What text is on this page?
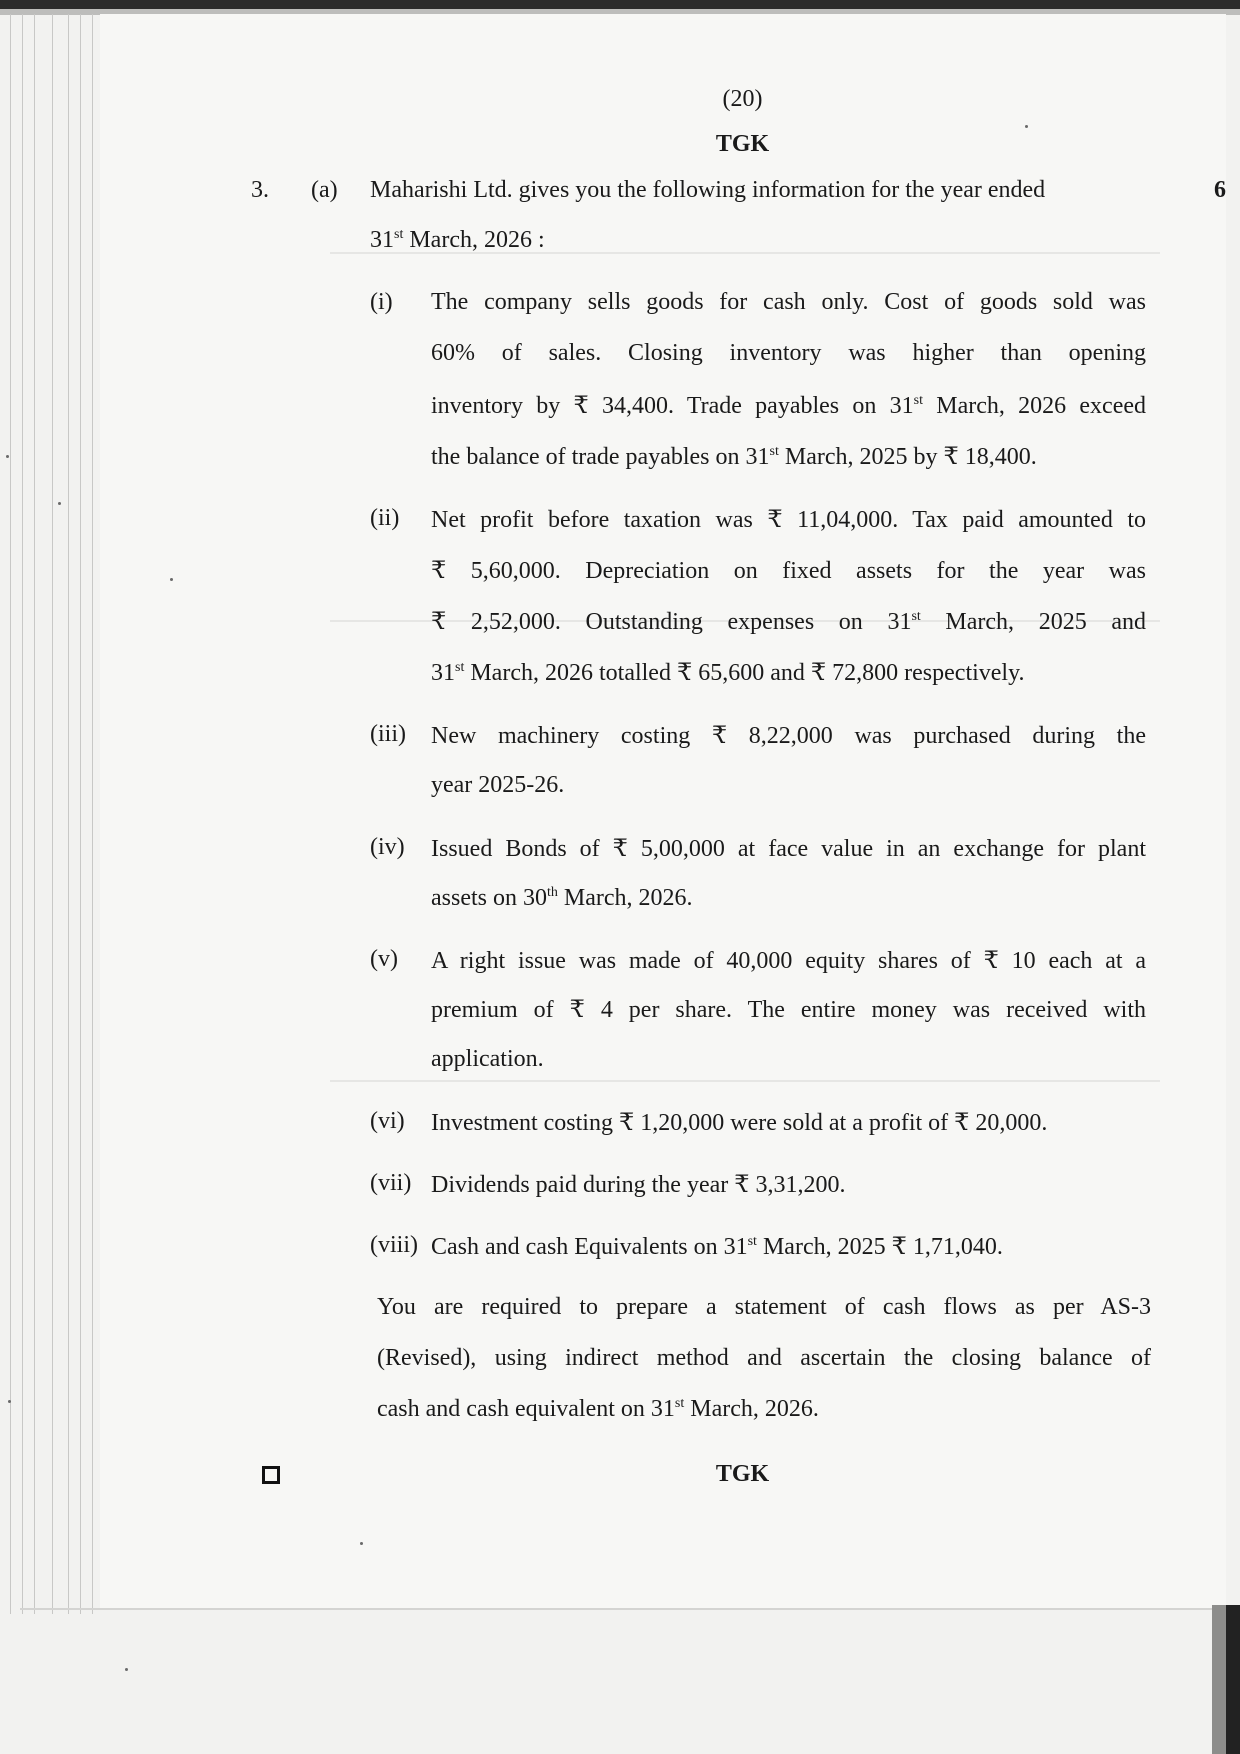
(20)
TGK
3. (a)	6
Maharishi Ltd. gives you the following information for the year ended
31st March, 2026 :
(i) The company sells goods for cash only. Cost of goods sold was
60% of sales. Closing inventory was higher than opening
inventory by ₹ 34,400. Trade payables on 31st March, 2026 exceed
the balance of trade payables on 31st March, 2025 by ₹ 18,400.
(ii) Net profit before taxation was ₹ 11,04,000. Tax paid amounted to
₹ 5,60,000. Depreciation on fixed assets for the year was
₹ 2,52,000. Outstanding expenses on 31st March, 2025 and
31st March, 2026 totalled ₹ 65,600 and ₹ 72,800 respectively.
(iii) New machinery costing ₹ 8,22,000 was purchased during the
year 2025-26.
(iv) Issued Bonds of ₹ 5,00,000 at face value in an exchange for plant
assets on 30th March, 2026.
(v) A right issue was made of 40,000 equity shares of ₹ 10 each at a
premium of ₹ 4 per share. The entire money was received with
application.
(vi) Investment costing ₹ 1,20,000 were sold at a profit of ₹ 20,000.
(vii) Dividends paid during the year ₹ 3,31,200.
(viii) Cash and cash Equivalents on 31st March, 2025 ₹ 1,71,040.
You are required to prepare a statement of cash flows as per AS-3
(Revised), using indirect method and ascertain the closing balance of
cash and cash equivalent on 31st March, 2026.
TGK
